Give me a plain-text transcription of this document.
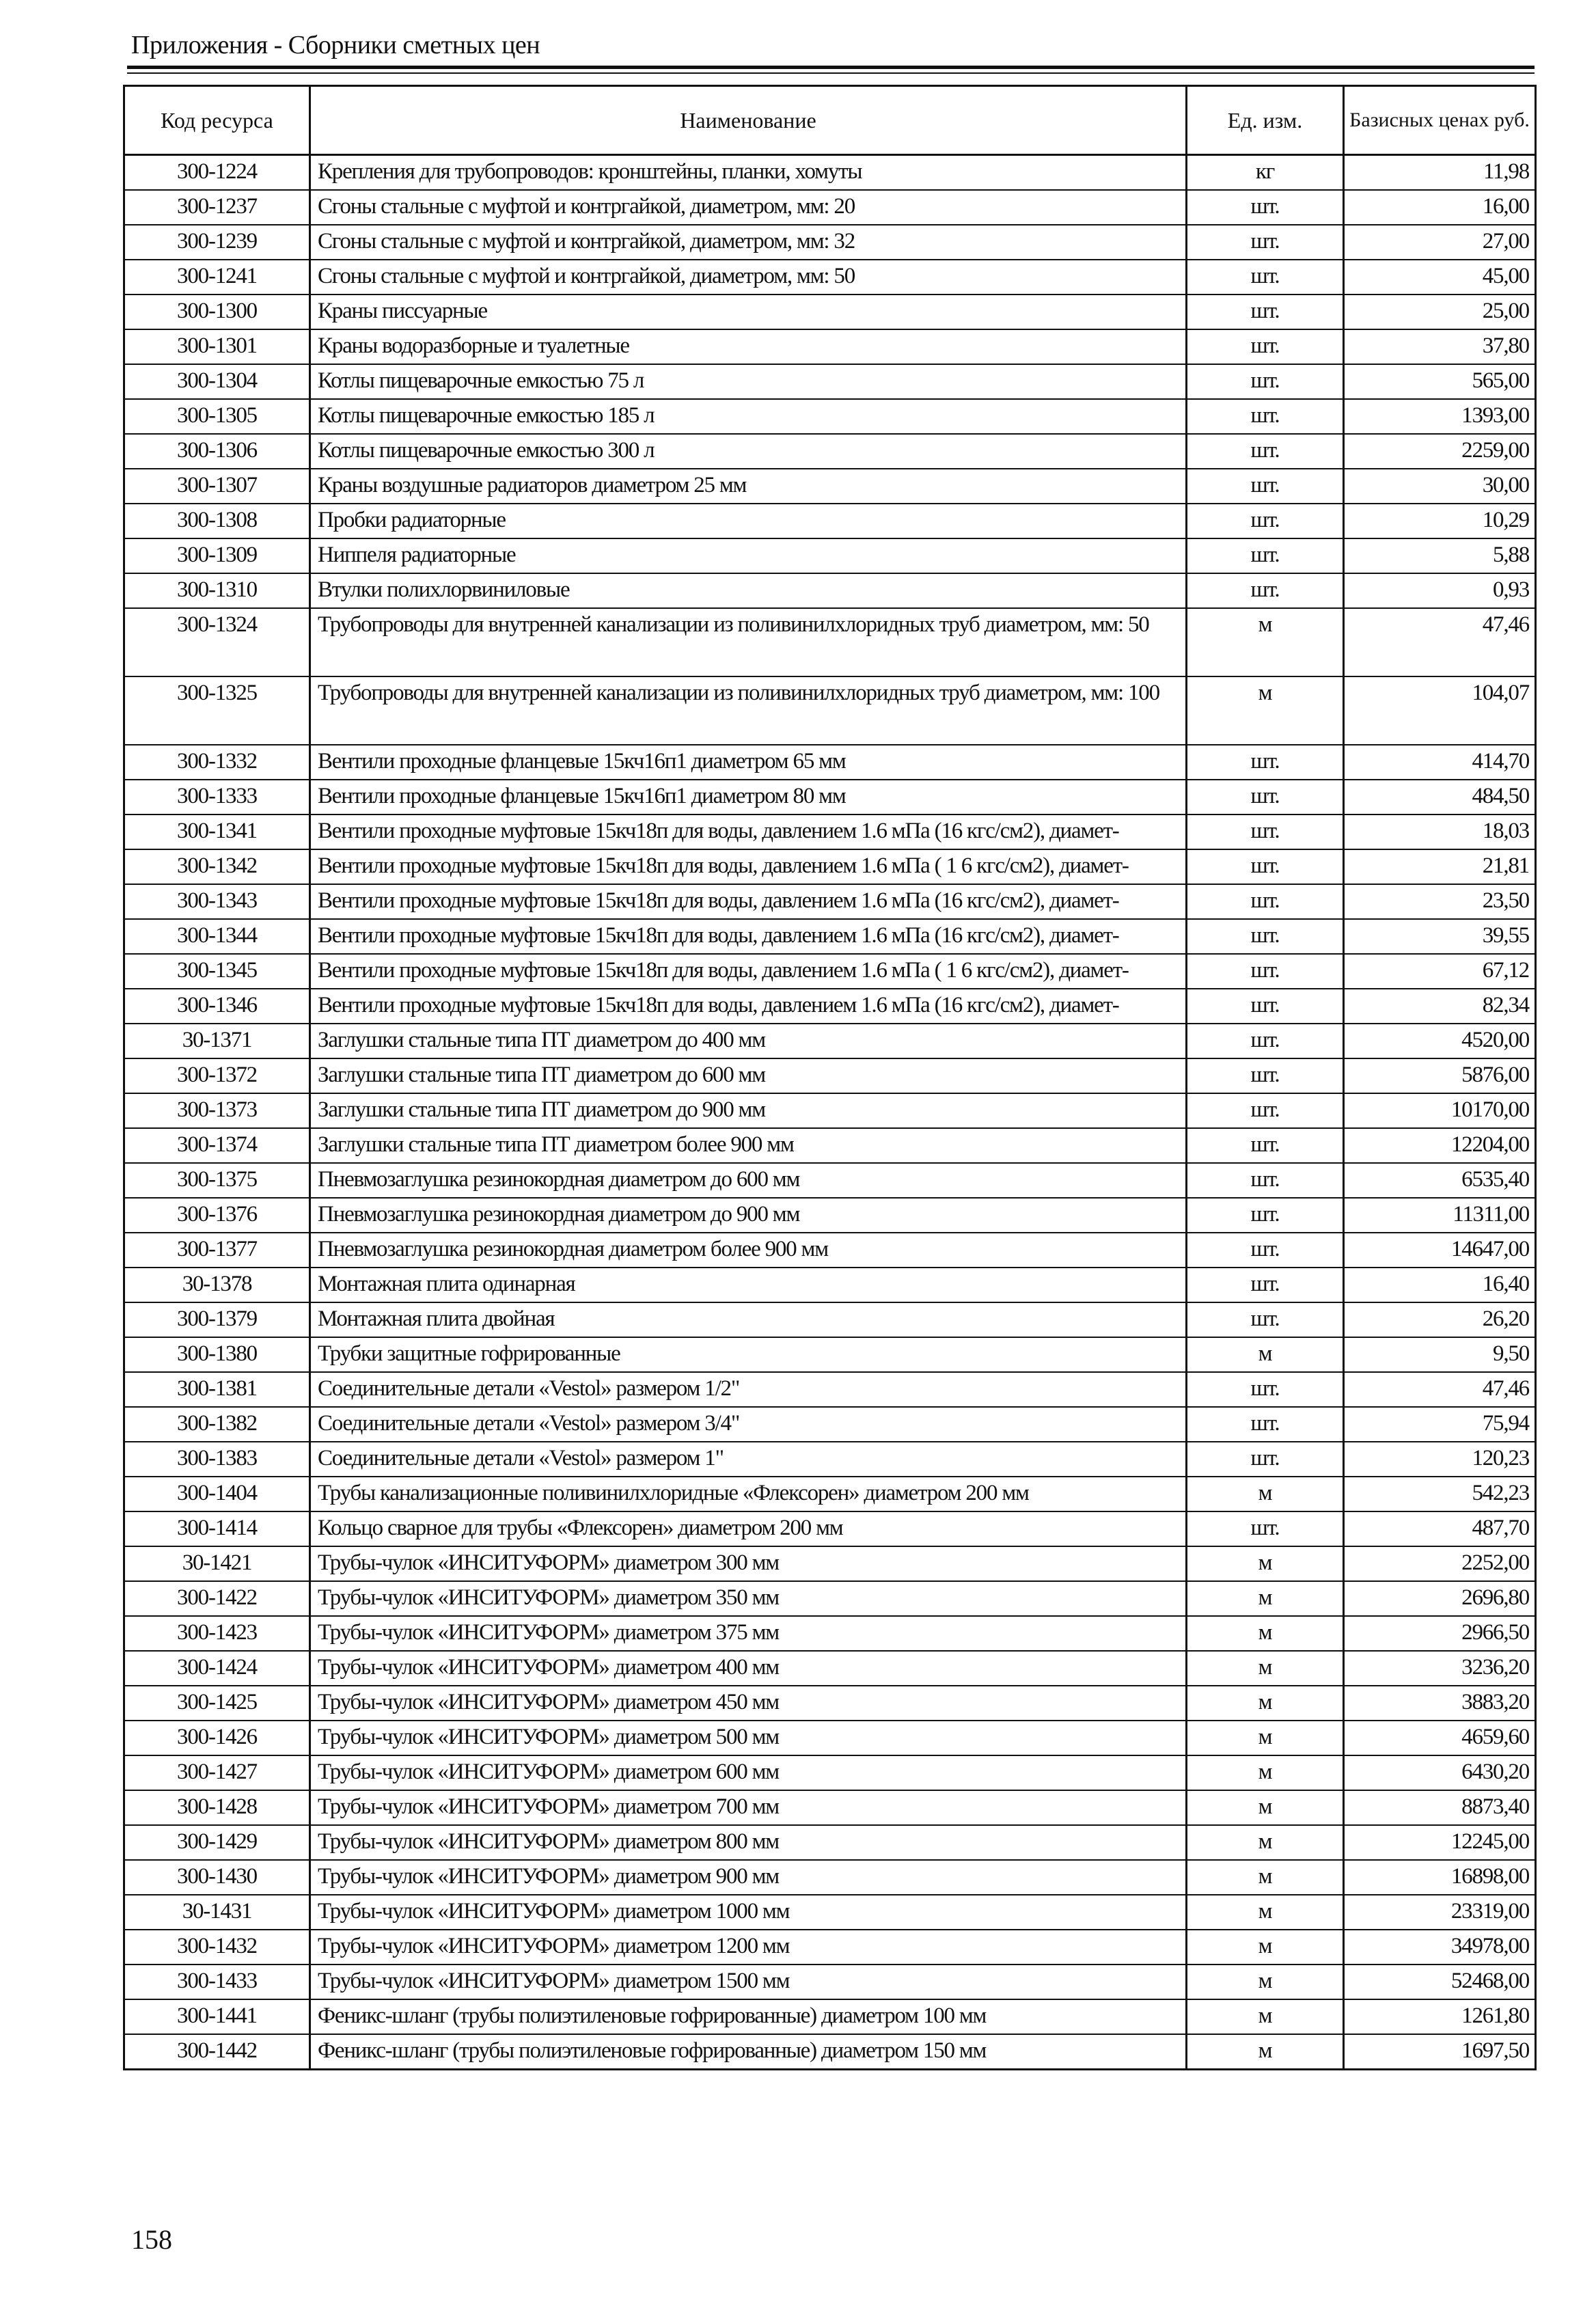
Приложения - Сборники сметных цен
Код ресурса	Наименование	Ед. изм.	Базисных ценах руб.
300-1224	Крепления для трубопроводов: кронштейны, планки, хомуты	кг	11,98
300-1237	Сгоны стальные с муфтой и контргайкой, диаметром, мм: 20	шт.	16,00
300-1239	Сгоны стальные с муфтой и контргайкой, диаметром, мм: 32	шт.	27,00
300-1241	Сгоны стальные с муфтой и контргайкой, диаметром, мм: 50	шт.	45,00
300-1300	Краны писсуарные	шт.	25,00
300-1301	Краны водоразборные и туалетные	шт.	37,80
300-1304	Котлы пищеварочные емкостью 75 л	шт.	565,00
300-1305	Котлы пищеварочные емкостью 185 л	шт.	1393,00
300-1306	Котлы пищеварочные емкостью 300 л	шт.	2259,00
300-1307	Краны воздушные радиаторов диаметром 25 мм	шт.	30,00
300-1308	Пробки радиаторные	шт.	10,29
300-1309	Ниппеля радиаторные	шт.	5,88
300-1310	Втулки полихлорвиниловые	шт.	0,93
300-1324	Трубопроводы для внутренней канализации из поливинилхлоридных труб диаметром, мм: 50	м	47,46
300-1325	Трубопроводы для внутренней канализации из поливинилхлоридных труб диаметром, мм: 100	м	104,07
300-1332	Вентили проходные фланцевые 15кч16п1 диаметром 65 мм	шт.	414,70
300-1333	Вентили проходные фланцевые 15кч16п1 диаметром 80 мм	шт.	484,50
300-1341	Вентили проходные муфтовые 15кч18п для воды, давлением 1.6 мПа (16 кгс/см2), диамет-	шт.	18,03
300-1342	Вентили проходные муфтовые 15кч18п для воды, давлением 1.6 мПа ( 1 6 кгс/см2), диамет-	шт.	21,81
300-1343	Вентили проходные муфтовые 15кч18п для воды, давлением 1.6 мПа (16 кгс/см2), диамет-	шт.	23,50
300-1344	Вентили проходные муфтовые 15кч18п для воды, давлением 1.6 мПа (16 кгс/см2), диамет-	шт.	39,55
300-1345	Вентили проходные муфтовые 15кч18п для воды, давлением 1.6 мПа ( 1 6 кгс/см2), диамет-	шт.	67,12
300-1346	Вентили проходные муфтовые 15кч18п для воды, давлением 1.6 мПа (16 кгс/см2), диамет-	шт.	82,34
30-1371	Заглушки стальные типа ПТ диаметром до 400 мм	шт.	4520,00
300-1372	Заглушки стальные типа ПТ диаметром до 600 мм	шт.	5876,00
300-1373	Заглушки стальные типа ПТ диаметром до 900 мм	шт.	10170,00
300-1374	Заглушки стальные типа ПТ диаметром более 900 мм	шт.	12204,00
300-1375	Пневмозаглушка резинокордная диаметром до 600 мм	шт.	6535,40
300-1376	Пневмозаглушка резинокордная диаметром до 900 мм	шт.	11311,00
300-1377	Пневмозаглушка резинокордная диаметром более 900 мм	шт.	14647,00
30-1378	Монтажная плита одинарная	шт.	16,40
300-1379	Монтажная плита двойная	шт.	26,20
300-1380	Трубки защитные гофрированные	м	9,50
300-1381	Соединительные детали «Vestol» размером 1/2"	шт.	47,46
300-1382	Соединительные детали «Vestol» размером 3/4"	шт.	75,94
300-1383	Соединительные детали «Vestol» размером 1"	шт.	120,23
300-1404	Трубы канализационные поливинилхлоридные «Флексорен» диаметром 200 мм	м	542,23
300-1414	Кольцо сварное для трубы «Флексорен» диаметром 200 мм	шт.	487,70
30-1421	Трубы-чулок «ИНСИТУФОРМ» диаметром 300 мм	м	2252,00
300-1422	Трубы-чулок «ИНСИТУФОРМ» диаметром 350 мм	м	2696,80
300-1423	Трубы-чулок «ИНСИТУФОРМ» диаметром 375 мм	м	2966,50
300-1424	Трубы-чулок «ИНСИТУФОРМ» диаметром 400 мм	м	3236,20
300-1425	Трубы-чулок «ИНСИТУФОРМ» диаметром 450 мм	м	3883,20
300-1426	Трубы-чулок «ИНСИТУФОРМ» диаметром 500 мм	м	4659,60
300-1427	Трубы-чулок «ИНСИТУФОРМ» диаметром 600 мм	м	6430,20
300-1428	Трубы-чулок «ИНСИТУФОРМ» диаметром 700 мм	м	8873,40
300-1429	Трубы-чулок «ИНСИТУФОРМ» диаметром 800 мм	м	12245,00
300-1430	Трубы-чулок «ИНСИТУФОРМ» диаметром 900 мм	м	16898,00
30-1431	Трубы-чулок «ИНСИТУФОРМ» диаметром 1000 мм	м	23319,00
300-1432	Трубы-чулок «ИНСИТУФОРМ» диаметром 1200 мм	м	34978,00
300-1433	Трубы-чулок «ИНСИТУФОРМ» диаметром 1500 мм	м	52468,00
300-1441	Феникс-шланг (трубы полиэтиленовые гофрированные) диаметром 100 мм	м	1261,80
300-1442	Феникс-шланг (трубы полиэтиленовые гофрированные) диаметром 150 мм	м	1697,50
158
